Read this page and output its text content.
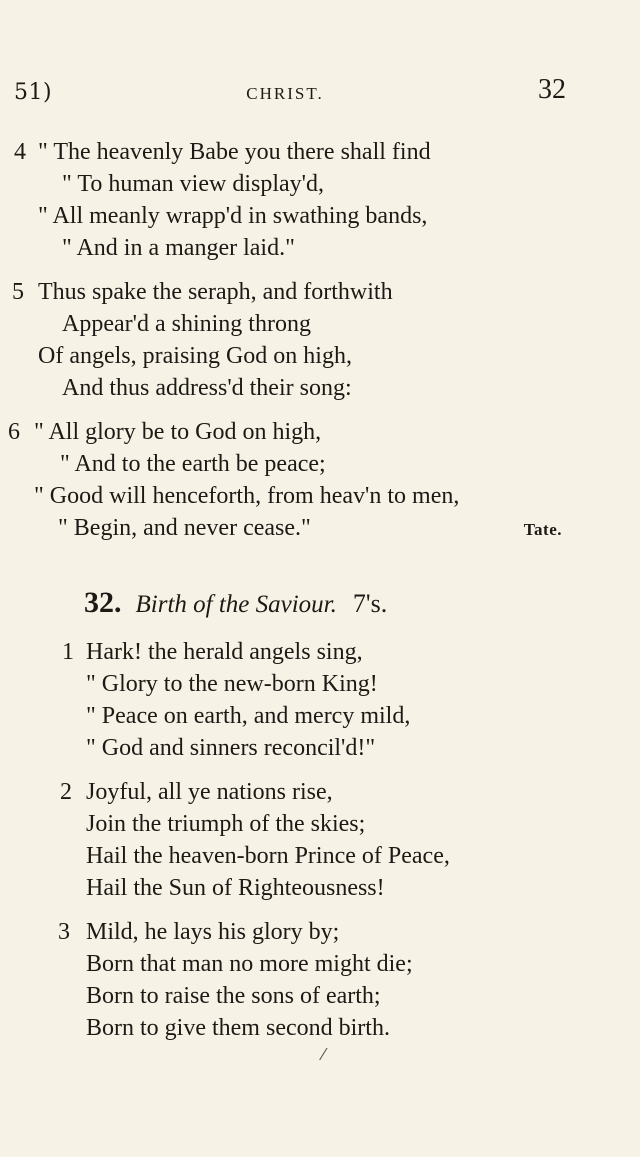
51)	CHRIST.	32
4 " The heavenly Babe you there shall find
" To human view display'd,
" All meanly wrapp'd in swathing bands,
" And in a manger laid."
5 Thus spake the seraph, and forthwith
Appear'd a shining throng
Of angels, praising God on high,
And thus address'd their song:
6 " All glory be to God on high,
" And to the earth be peace;
" Good will henceforth, from heav'n to men,
" Begin, and never cease."	Tate.
32. Birth of the Saviour. 7's.
1 Hark! the herald angels sing,
" Glory to the new-born King!
" Peace on earth, and mercy mild,
" God and sinners reconcil'd!"
2 Joyful, all ye nations rise,
Join the triumph of the skies;
Hail the heaven-born Prince of Peace,
Hail the Sun of Righteousness!
3 Mild, he lays his glory by;
Born that man no more might die;
Born to raise the sons of earth;
Born to give them second birth.
⁄
